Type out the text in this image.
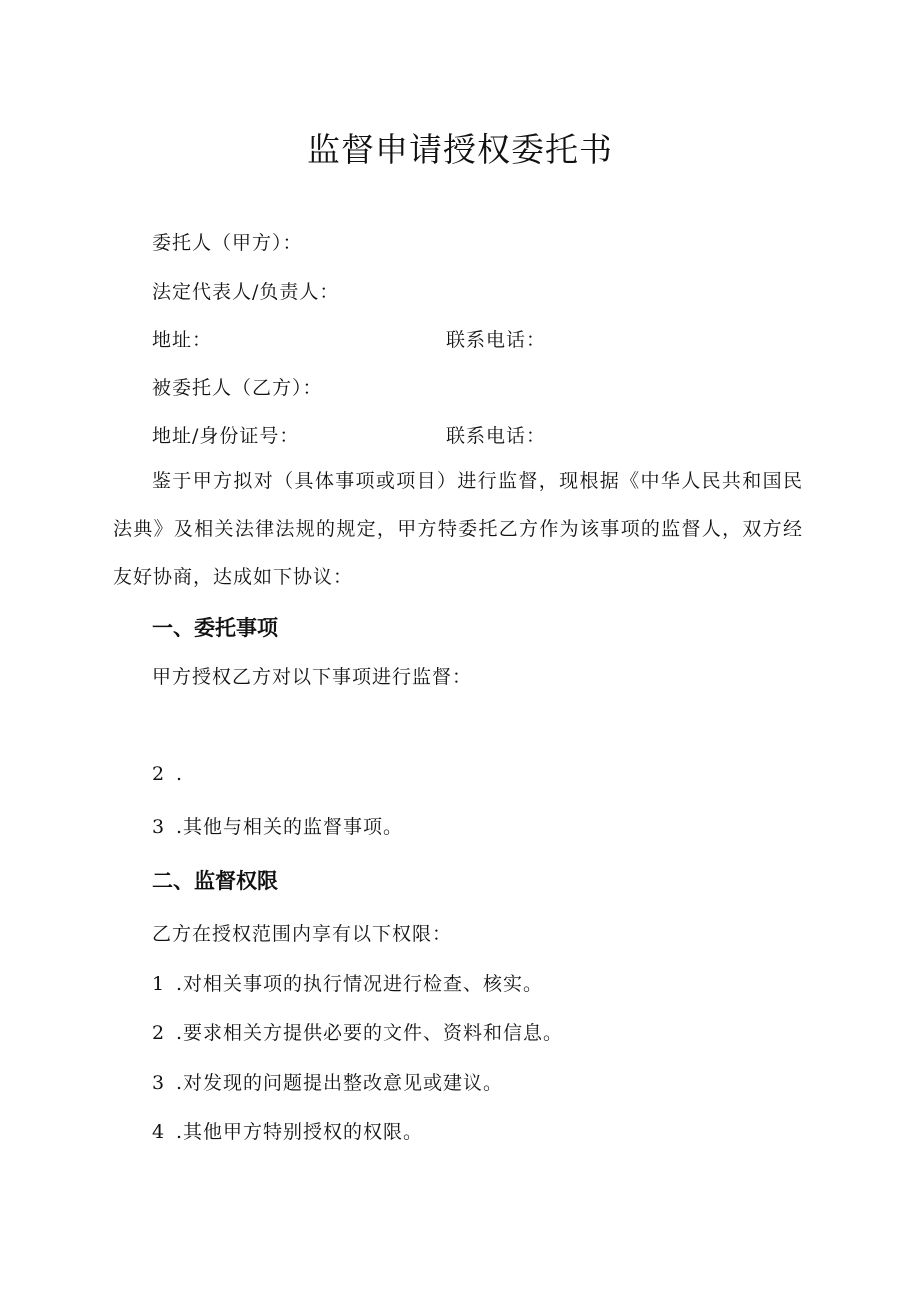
监督申请授权委托书
委托人（甲方）：
法定代表人/负责人：
地址：	联系电话：
被委托人（乙方）：
地址/身份证号：	联系电话：
鉴于甲方拟对（具体事项或项目）进行监督，现根据《中华人民共和国民法典》及相关法律法规的规定，甲方特委托乙方作为该事项的监督人，双方经友好协商，达成如下协议：
一、委托事项
甲方授权乙方对以下事项进行监督：
2 .
3 .其他与相关的监督事项。
二、监督权限
乙方在授权范围内享有以下权限：
1 .对相关事项的执行情况进行检查、核实。
2 .要求相关方提供必要的文件、资料和信息。
3 .对发现的问题提出整改意见或建议。
4 .其他甲方特别授权的权限。
